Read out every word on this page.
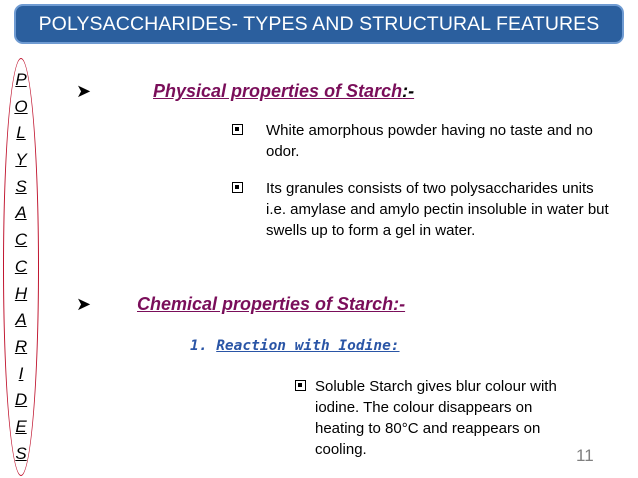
POLYSACCHARIDES- TYPES AND STRUCTURAL FEATURES
P
O
L
Y
S
A
C
C
H
A
R
I
D
E
S
➤	Physical properties of Starch:-
White amorphous powder having no taste and no odor.
Its granules consists of two polysaccharides units i.e. amylase and amylo pectin insoluble in water but swells up to form a gel in water.
➤	Chemical properties of Starch:-
1. Reaction with Iodine:
Soluble Starch gives blur colour with iodine. The colour disappears on heating to 80°C and reappears on cooling.	11
